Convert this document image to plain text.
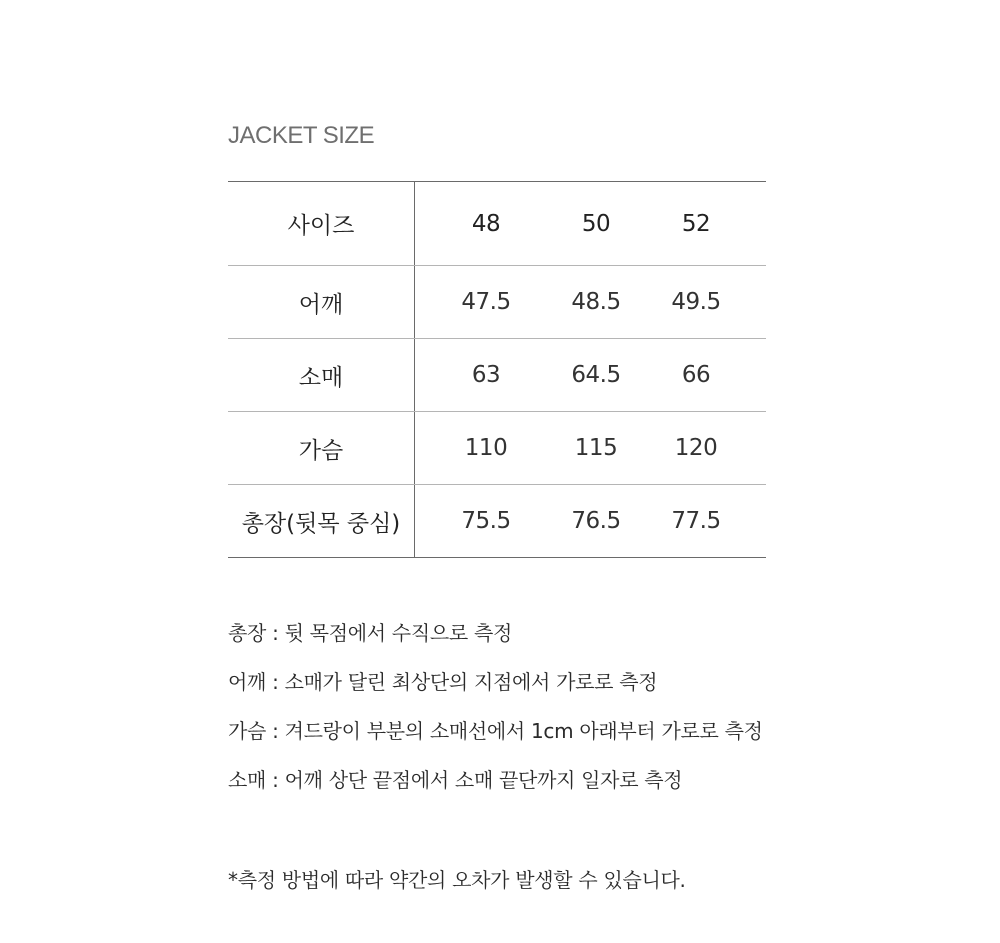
JACKET SIZE
사이즈	48	50	52
어깨	47.5	48.5	49.5
소매	63	64.5	66
가슴	110	115	120
총장(뒷목 중심)	75.5	76.5	77.5
총장 : 뒷 목점에서 수직으로 측정
어깨 : 소매가 달린 최상단의 지점에서 가로로 측정
가슴 : 겨드랑이 부분의 소매선에서 1cm 아래부터 가로로 측정
소매 : 어깨 상단 끝점에서 소매 끝단까지 일자로 측정
*측정 방법에 따라 약간의 오차가 발생할 수 있습니다.
